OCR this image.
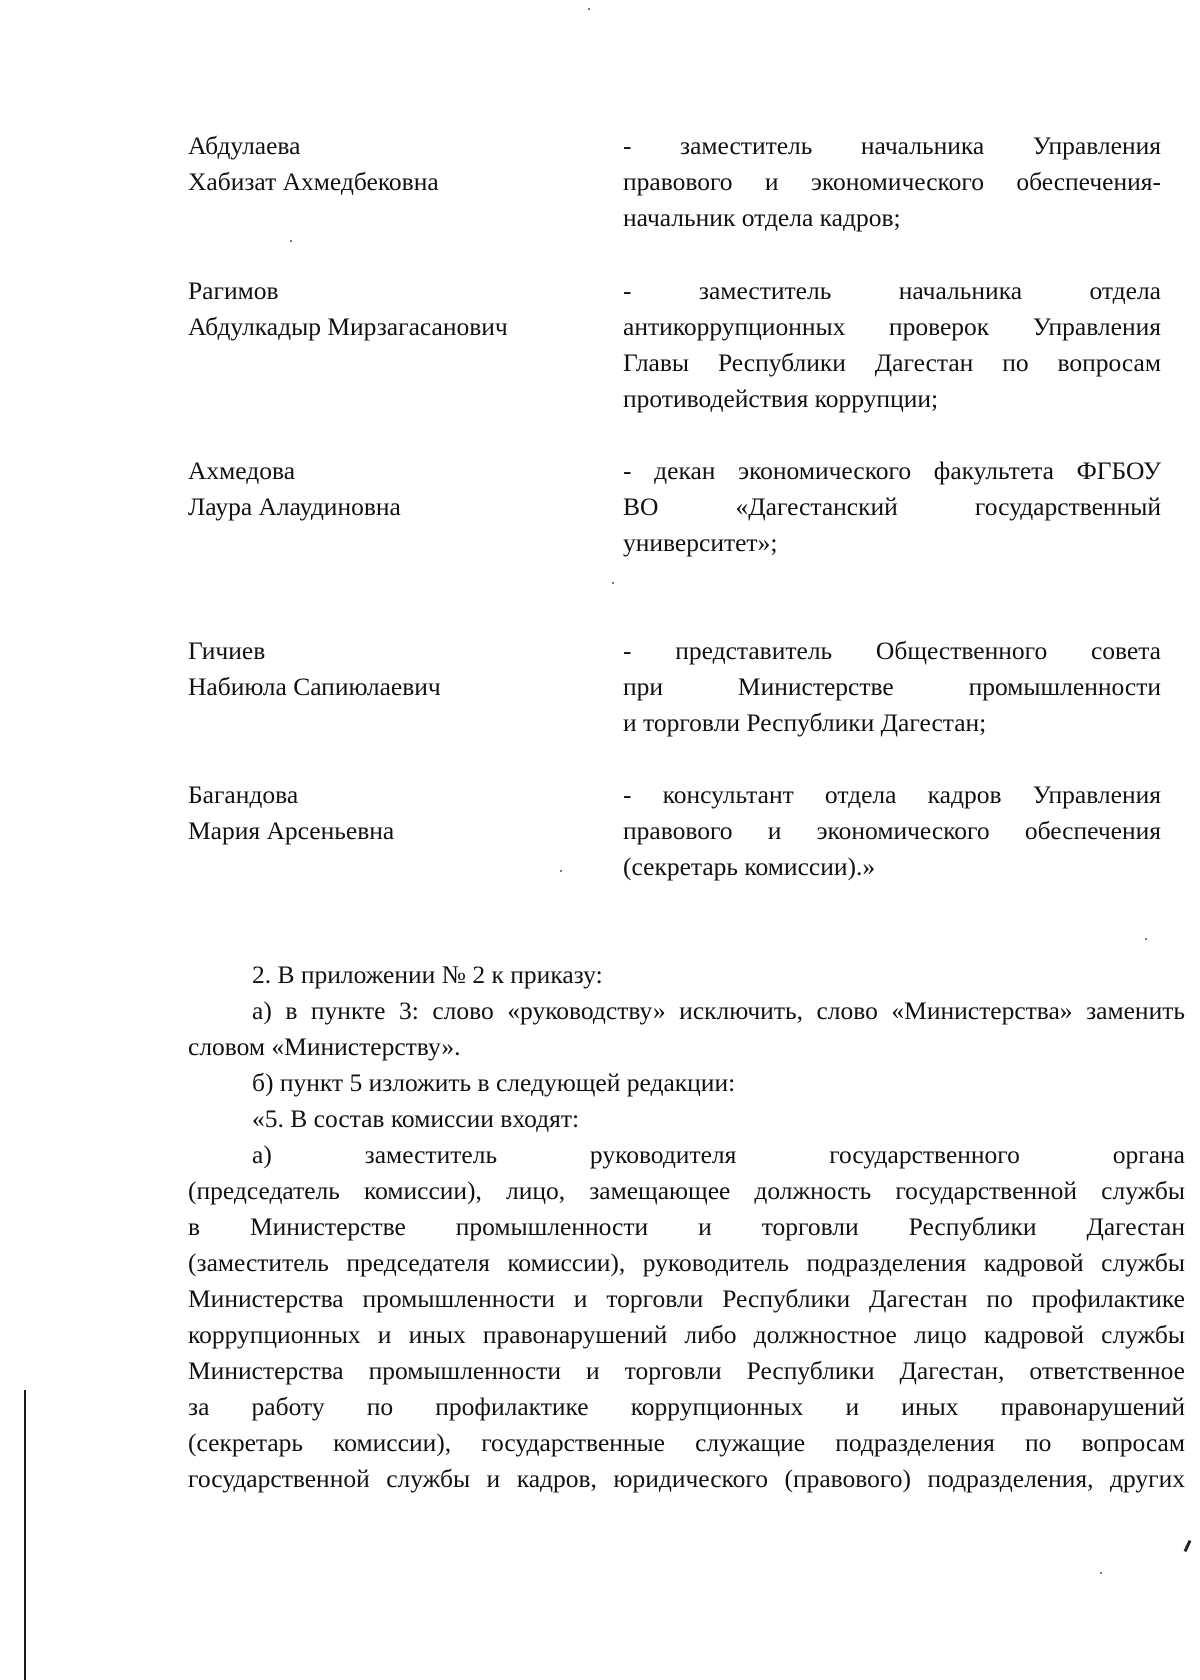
Абдулаева
Хабизат Ахмедбековна
- заместитель начальника Управления
правового и экономического обеспечения-
начальник отдела кадров;
Рагимов
Абдулкадыр Мирзагасанович
- заместитель начальника отдела
антикоррупционных проверок Управления
Главы Республики Дагестан по вопросам
противодействия коррупции;
Ахмедова
Лаура Алаудиновна
- декан экономического факультета ФГБОУ
ВО «Дагестанский государственный
университет»;
Гичиев
Набиюла Сапиюлаевич
- представитель Общественного совета
при Министерстве промышленности
и торговли Республики Дагестан;
Багандова
Мария Арсеньевна
- консультант отдела кадров Управления
правового и экономического обеспечения
(секретарь комиссии).»
2. В приложении № 2 к приказу:
а) в пункте 3: слово «руководству» исключить, слово «Министерства» заменить
словом «Министерству».
б) пункт 5 изложить в следующей редакции:
«5. В состав комиссии входят:
а) заместитель руководителя государственного органа
(председатель комиссии), лицо, замещающее должность государственной службы
в Министерстве промышленности и торговли Республики Дагестан
(заместитель председателя комиссии), руководитель подразделения кадровой службы
Министерства промышленности и торговли Республики Дагестан по профилактике
коррупционных и иных правонарушений либо должностное лицо кадровой службы
Министерства промышленности и торговли Республики Дагестан, ответственное
за работу по профилактике коррупционных и иных правонарушений
(секретарь комиссии), государственные служащие подразделения по вопросам
государственной службы и кадров, юридического (правового) подразделения, других
